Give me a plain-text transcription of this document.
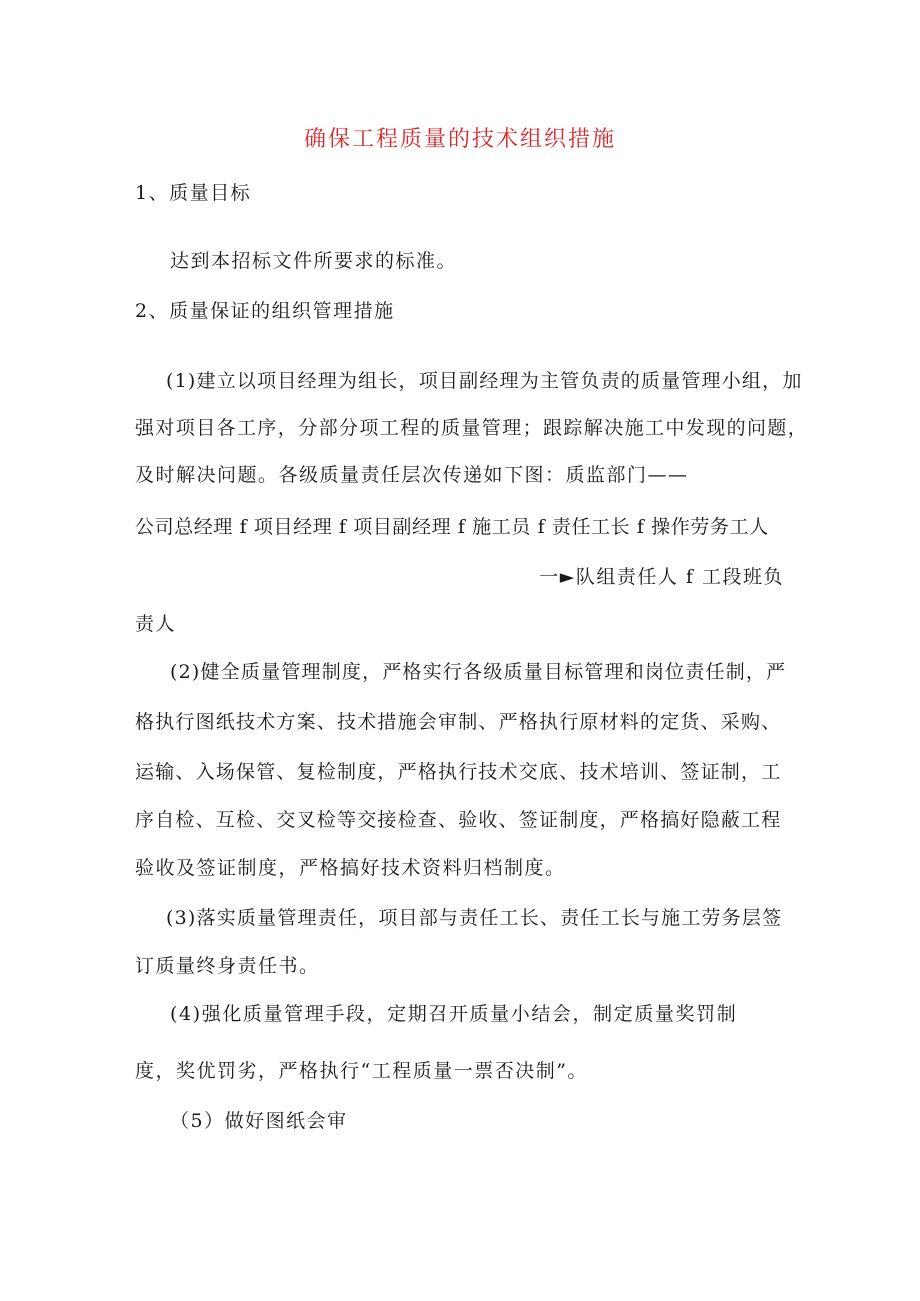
确保工程质量的技术组织措施
1、质量目标
达到本招标文件所要求的标准。
2、质量保证的组织管理措施
(1)建立以项目经理为组长，项目副经理为主管负责的质量管理小组，加
强对项目各工序，分部分项工程的质量管理；跟踪解决施工中发现的问题，
及时解决问题。各级质量责任层次传递如下图：质监部门——
公司总经理 f 项目经理 f 项目副经理 f 施工员 f 责任工长 f 操作劳务工人
一►队组责任人 f 工段班负
责人
(2)健全质量管理制度，严格实行各级质量目标管理和岗位责任制，严
格执行图纸技术方案、技术措施会审制、严格执行原材料的定货、采购、
运输、入场保管、复检制度，严格执行技术交底、技术培训、签证制，工
序自检、互检、交叉检等交接检查、验收、签证制度，严格搞好隐蔽工程
验收及签证制度，严格搞好技术资料归档制度。
(3)落实质量管理责任，项目部与责任工长、责任工长与施工劳务层签
订质量终身责任书。
(4)强化质量管理手段，定期召开质量小结会，制定质量奖罚制
度，奖优罚劣，严格执行“工程质量一票否决制”。
（5）做好图纸会审
